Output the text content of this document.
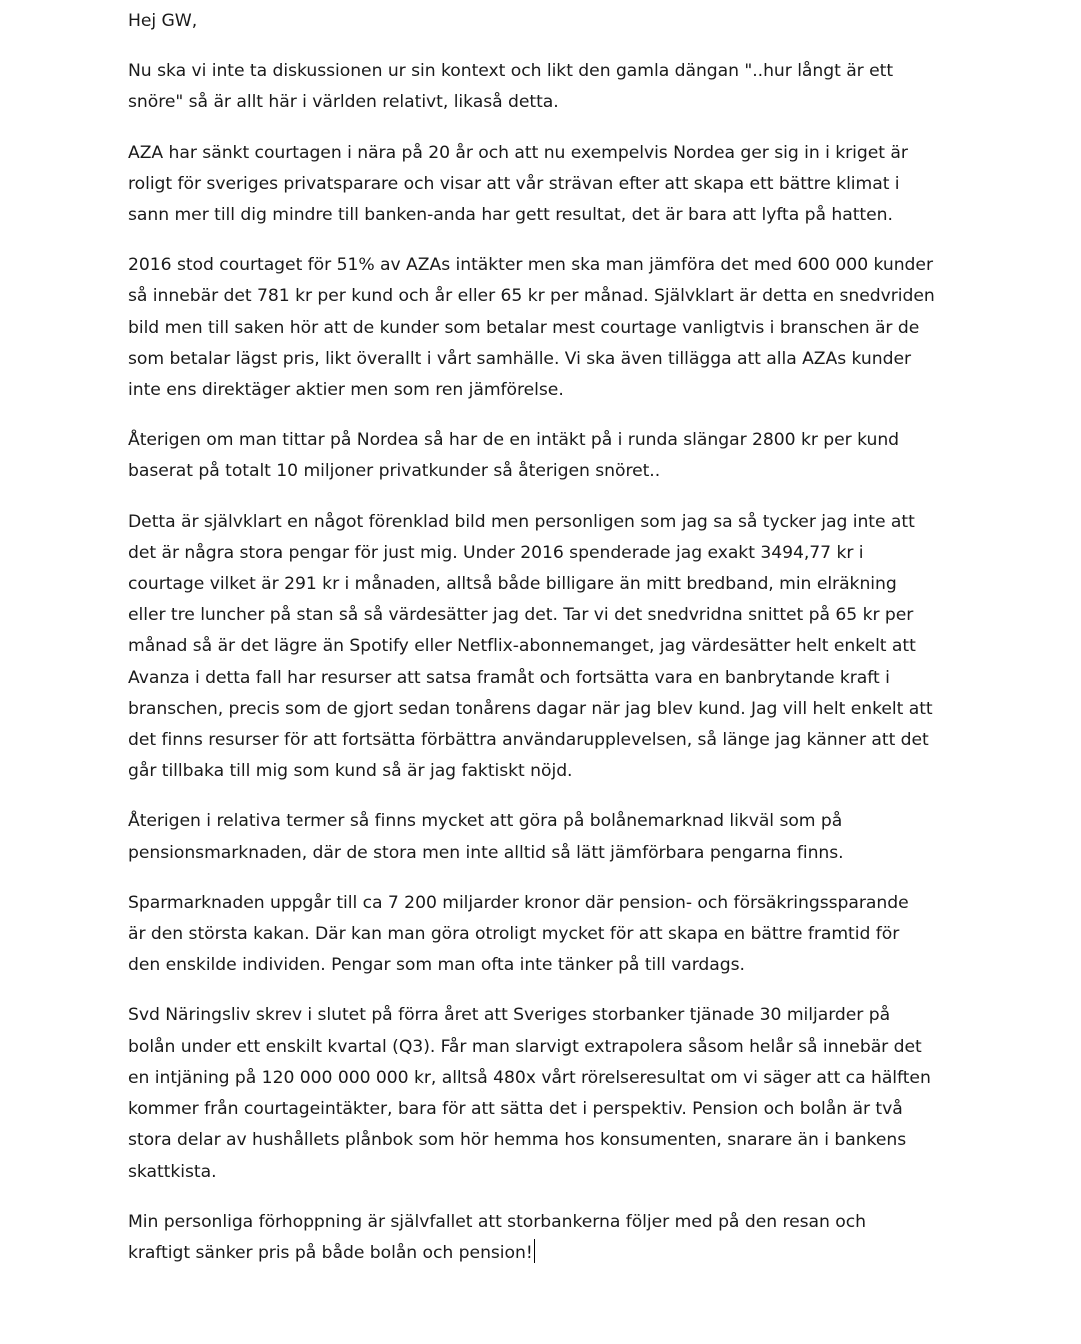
Hej GW,

Nu ska vi inte ta diskussionen ur sin kontext och likt den gamla dängan "..hur långt är ett
snöre" så är allt här i världen relativt, likaså detta.

AZA har sänkt courtagen i nära på 20 år och att nu exempelvis Nordea ger sig in i kriget är
roligt för sveriges privatsparare och visar att vår strävan efter att skapa ett bättre klimat i
sann mer till dig mindre till banken-anda har gett resultat, det är bara att lyfta på hatten.

2016 stod courtaget för 51% av AZAs intäkter men ska man jämföra det med 600 000 kunder
så innebär det 781 kr per kund och år eller 65 kr per månad. Självklart är detta en snedvriden
bild men till saken hör att de kunder som betalar mest courtage vanligtvis i branschen är de
som betalar lägst pris, likt överallt i vårt samhälle. Vi ska även tillägga att alla AZAs kunder
inte ens direktäger aktier men som ren jämförelse.

Återigen om man tittar på Nordea så har de en intäkt på i runda slängar 2800 kr per kund
baserat på totalt 10 miljoner privatkunder så återigen snöret..

Detta är självklart en något förenklad bild men personligen som jag sa så tycker jag inte att
det är några stora pengar för just mig. Under 2016 spenderade jag exakt 3494,77 kr i
courtage vilket är 291 kr i månaden, alltså både billigare än mitt bredband, min elräkning
eller tre luncher på stan så så värdesätter jag det. Tar vi det snedvridna snittet på 65 kr per
månad så är det lägre än Spotify eller Netflix-abonnemanget, jag värdesätter helt enkelt att
Avanza i detta fall har resurser att satsa framåt och fortsätta vara en banbrytande kraft i
branschen, precis som de gjort sedan tonårens dagar när jag blev kund. Jag vill helt enkelt att
det finns resurser för att fortsätta förbättra användarupplevelsen, så länge jag känner att det
går tillbaka till mig som kund så är jag faktiskt nöjd.

Återigen i relativa termer så finns mycket att göra på bolånemarknad likväl som på
pensionsmarknaden, där de stora men inte alltid så lätt jämförbara pengarna finns.

Sparmarknaden uppgår till ca 7 200 miljarder kronor där pension- och försäkringssparande
är den största kakan. Där kan man göra otroligt mycket för att skapa en bättre framtid för
den enskilde individen. Pengar som man ofta inte tänker på till vardags.

Svd Näringsliv skrev i slutet på förra året att Sveriges storbanker tjänade 30 miljarder på
bolån under ett enskilt kvartal (Q3). Får man slarvigt extrapolera såsom helår så innebär det
en intjäning på 120 000 000 000 kr, alltså 480x vårt rörelseresultat om vi säger att ca hälften
kommer från courtageintäkter, bara för att sätta det i perspektiv. Pension och bolån är två
stora delar av hushållets plånbok som hör hemma hos konsumenten, snarare än i bankens
skattkista.

Min personliga förhoppning är självfallet att storbankerna följer med på den resan och
kraftigt sänker pris på både bolån och pension!
